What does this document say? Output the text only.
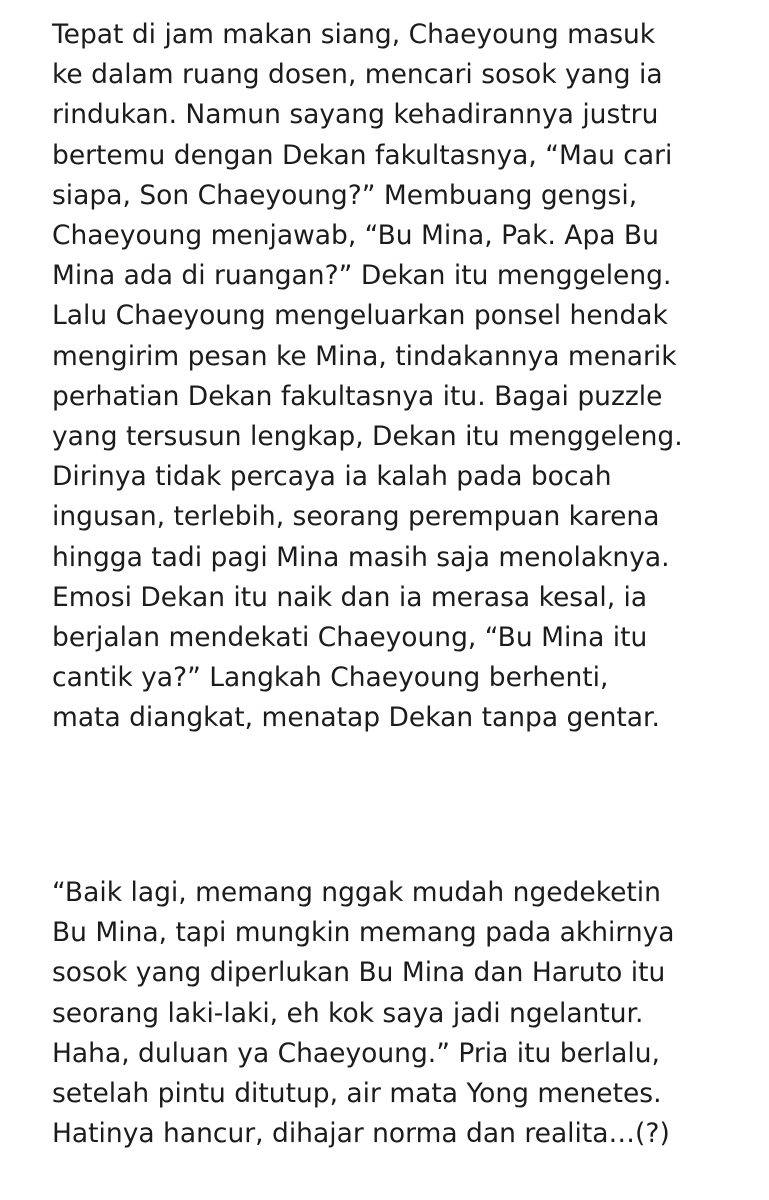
Tepat di jam makan siang, Chaeyoung masuk
ke dalam ruang dosen, mencari sosok yang ia
rindukan. Namun sayang kehadirannya justru
bertemu dengan Dekan fakultasnya, “Mau cari
siapa, Son Chaeyoung?” Membuang gengsi,
Chaeyoung menjawab, “Bu Mina, Pak. Apa Bu
Mina ada di ruangan?” Dekan itu menggeleng.
Lalu Chaeyoung mengeluarkan ponsel hendak
mengirim pesan ke Mina, tindakannya menarik
perhatian Dekan fakultasnya itu. Bagai puzzle
yang tersusun lengkap, Dekan itu menggeleng.
Dirinya tidak percaya ia kalah pada bocah
ingusan, terlebih, seorang perempuan karena
hingga tadi pagi Mina masih saja menolaknya.
Emosi Dekan itu naik dan ia merasa kesal, ia
berjalan mendekati Chaeyoung, “Bu Mina itu
cantik ya?” Langkah Chaeyoung berhenti,
mata diangkat, menatap Dekan tanpa gentar.

“Baik lagi, memang nggak mudah ngedeketin
Bu Mina, tapi mungkin memang pada akhirnya
sosok yang diperlukan Bu Mina dan Haruto itu
seorang laki-laki, eh kok saya jadi ngelantur.
Haha, duluan ya Chaeyoung.” Pria itu berlalu,
setelah pintu ditutup, air mata Yong menetes.
Hatinya hancur, dihajar norma dan realita…(?)
